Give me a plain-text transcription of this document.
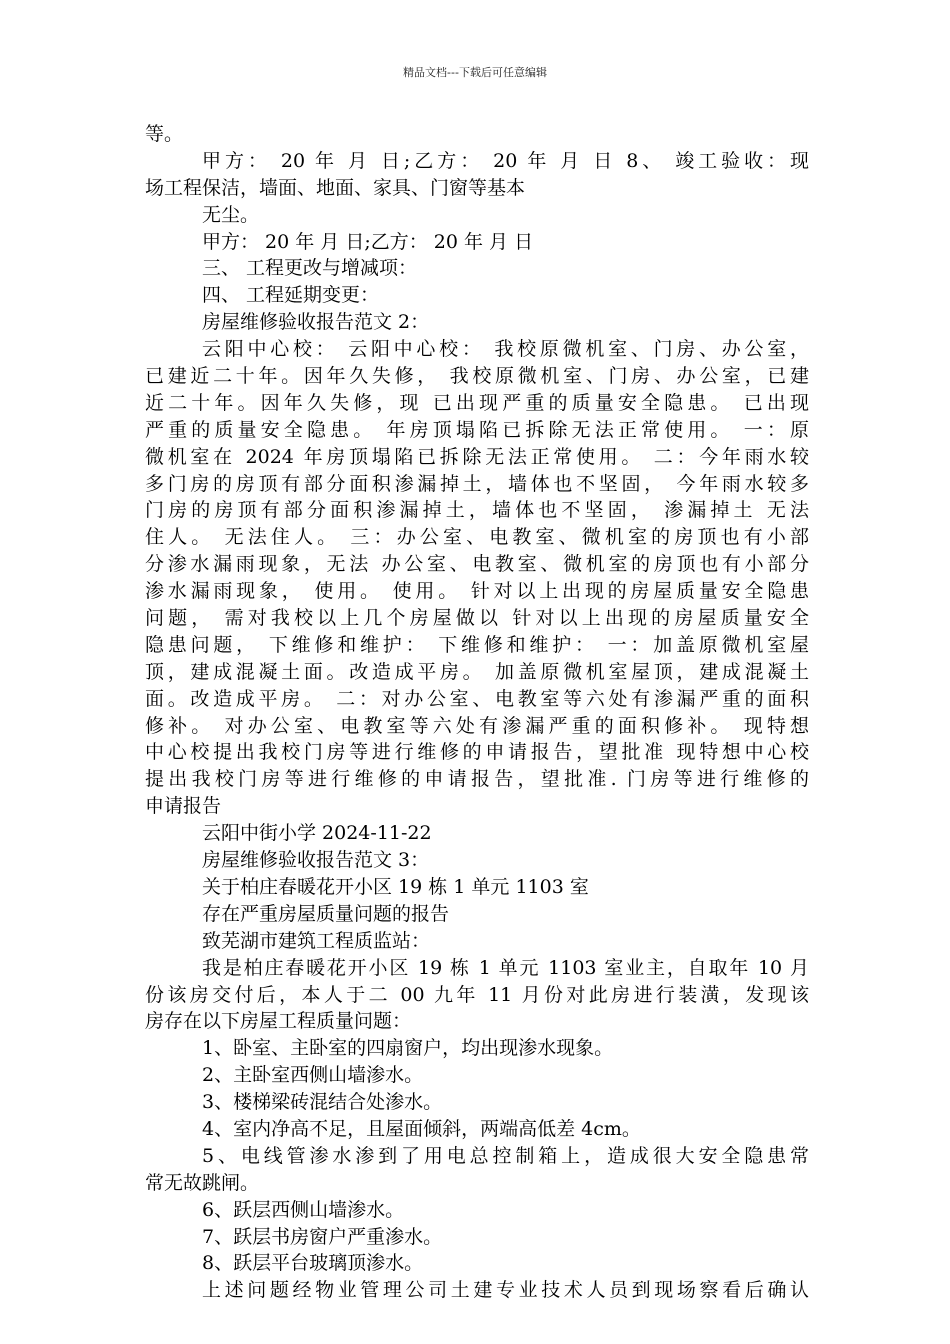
精品文档---下载后可任意编辑
等。
甲方： 20 年 月 日;乙方： 20 年 月 日 8、 竣工验收：现
场工程保洁，墙面、地面、家具、门窗等基本
无尘。
甲方： 20 年 月 日;乙方： 20 年 月 日
三、 工程更改与增减项：
四、 工程延期变更：
房屋维修验收报告范文 2：
云阳中心校： 云阳中心校： 我校原微机室、门房、办公室，
已建近二十年。因年久失修， 我校原微机室、门房、办公室，已建
近二十年。因年久失修，现 已出现严重的质量安全隐患。 已出现
严重的质量安全隐患。 年房顶塌陷已拆除无法正常使用。 一：原
微机室在 2024 年房顶塌陷已拆除无法正常使用。 二：今年雨水较
多门房的房顶有部分面积渗漏掉土，墙体也不坚固， 今年雨水较多
门房的房顶有部分面积渗漏掉土，墙体也不坚固， 渗漏掉土 无法
住人。 无法住人。 三：办公室、电教室、微机室的房顶也有小部
分渗水漏雨现象，无法 办公室、电教室、微机室的房顶也有小部分
渗水漏雨现象， 使用。 使用。 针对以上出现的房屋质量安全隐患
问题， 需对我校以上几个房屋做以 针对以上出现的房屋质量安全
隐患问题， 下维修和维护： 下维修和维护： 一：加盖原微机室屋
顶，建成混凝土面。改造成平房。 加盖原微机室屋顶，建成混凝土
面。改造成平房。 二：对办公室、电教室等六处有渗漏严重的面积
修补。 对办公室、电教室等六处有渗漏严重的面积修补。 现特想
中心校提出我校门房等进行维修的申请报告，望批准 现特想中心校
提出我校门房等进行维修的申请报告，望批准. 门房等进行维修的
申请报告
云阳中街小学 2024-11-22
房屋维修验收报告范文 3：
关于柏庄春暖花开小区 19 栋 1 单元 1103 室
存在严重房屋质量问题的报告
致芜湖市建筑工程质监站：
我是柏庄春暖花开小区 19 栋 1 单元 1103 室业主，自取年 10 月
份该房交付后，本人于二 00 九年 11 月份对此房进行装潢，发现该
房存在以下房屋工程质量问题：
1、卧室、主卧室的四扇窗户，均出现渗水现象。
2、主卧室西侧山墙渗水。
3、楼梯梁砖混结合处渗水。
4、室内净高不足，且屋面倾斜，两端高低差 4cm。
5、电线管渗水渗到了用电总控制箱上，造成很大安全隐患常
常无故跳闸。
6、跃层西侧山墙渗水。
7、跃层书房窗户严重渗水。
8、跃层平台玻璃顶渗水。
上述问题经物业管理公司土建专业技术人员到现场察看后确认
